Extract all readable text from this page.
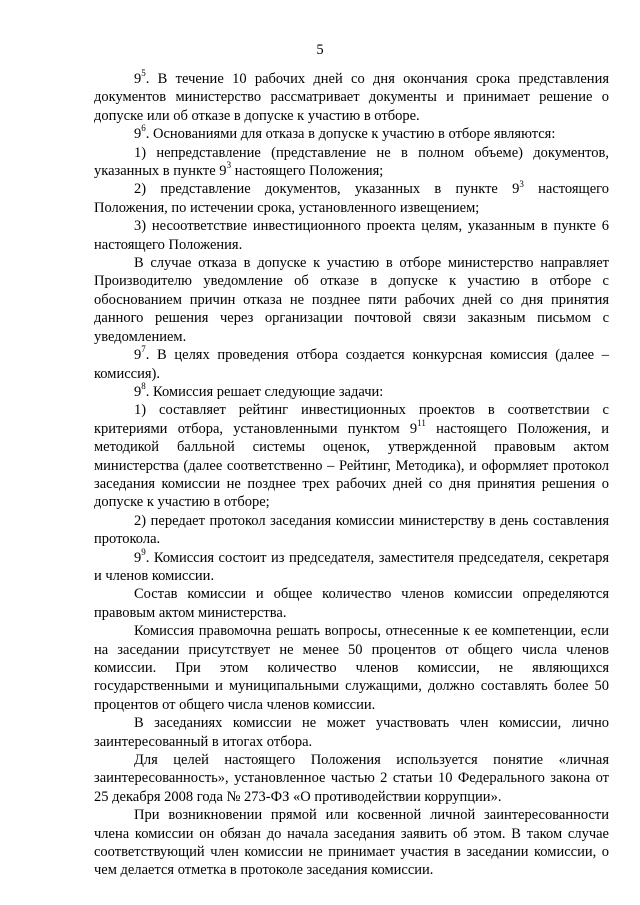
5

$9^5$. В течение 10 рабочих дней со дня окончания срока представления документов министерство рассматривает документы и принимает решение о допуске или об отказе в допуске к участию в отборе.

$9^6$. Основаниями для отказа в допуске к участию в отборе являются:

1) непредставление (представление не в полном объеме) документов, указанных в пункте $9^3$ настоящего Положения;

2) представление документов, указанных в пункте $9^3$ настоящего Положения, по истечении срока, установленного извещением;

3) несоответствие инвестиционного проекта целям, указанным в пункте 6 настоящего Положения.

В случае отказа в допуске к участию в отборе министерство направляет Производителю уведомление об отказе в допуске к участию в отборе с обоснованием причин отказа не позднее пяти рабочих дней со дня принятия данного решения через организации почтовой связи заказным письмом с уведомлением.

$9^7$. В целях проведения отбора создается конкурсная комиссия (далее – комиссия).

$9^8$. Комиссия решает следующие задачи:

1) составляет рейтинг инвестиционных проектов в соответствии с критериями отбора, установленными пунктом $9^{11}$ настоящего Положения, и методикой балльной системы оценок, утвержденной правовым актом министерства (далее соответственно – Рейтинг, Методика), и оформляет протокол заседания комиссии не позднее трех рабочих дней со дня принятия решения о допуске к участию в отборе;

2) передает протокол заседания комиссии министерству в день составления протокола.

$9^9$. Комиссия состоит из председателя, заместителя председателя, секретаря и членов комиссии.

Состав комиссии и общее количество членов комиссии определяются правовым актом министерства.

Комиссия правомочна решать вопросы, отнесенные к ее компетенции, если на заседании присутствует не менее 50 процентов от общего числа членов комиссии. При этом количество членов комиссии, не являющихся государственными и муниципальными служащими, должно составлять более 50 процентов от общего числа членов комиссии.

В заседаниях комиссии не может участвовать член комиссии, лично заинтересованный в итогах отбора.

Для целей настоящего Положения используется понятие «личная заинтересованность», установленное частью 2 статьи 10 Федерального закона от 25 декабря 2008 года № 273-ФЗ «О противодействии коррупции».

При возникновении прямой или косвенной личной заинтересованности члена комиссии он обязан до начала заседания заявить об этом. В таком случае соответствующий член комиссии не принимает участия в заседании комиссии, о чем делается отметка в протоколе заседания комиссии.
